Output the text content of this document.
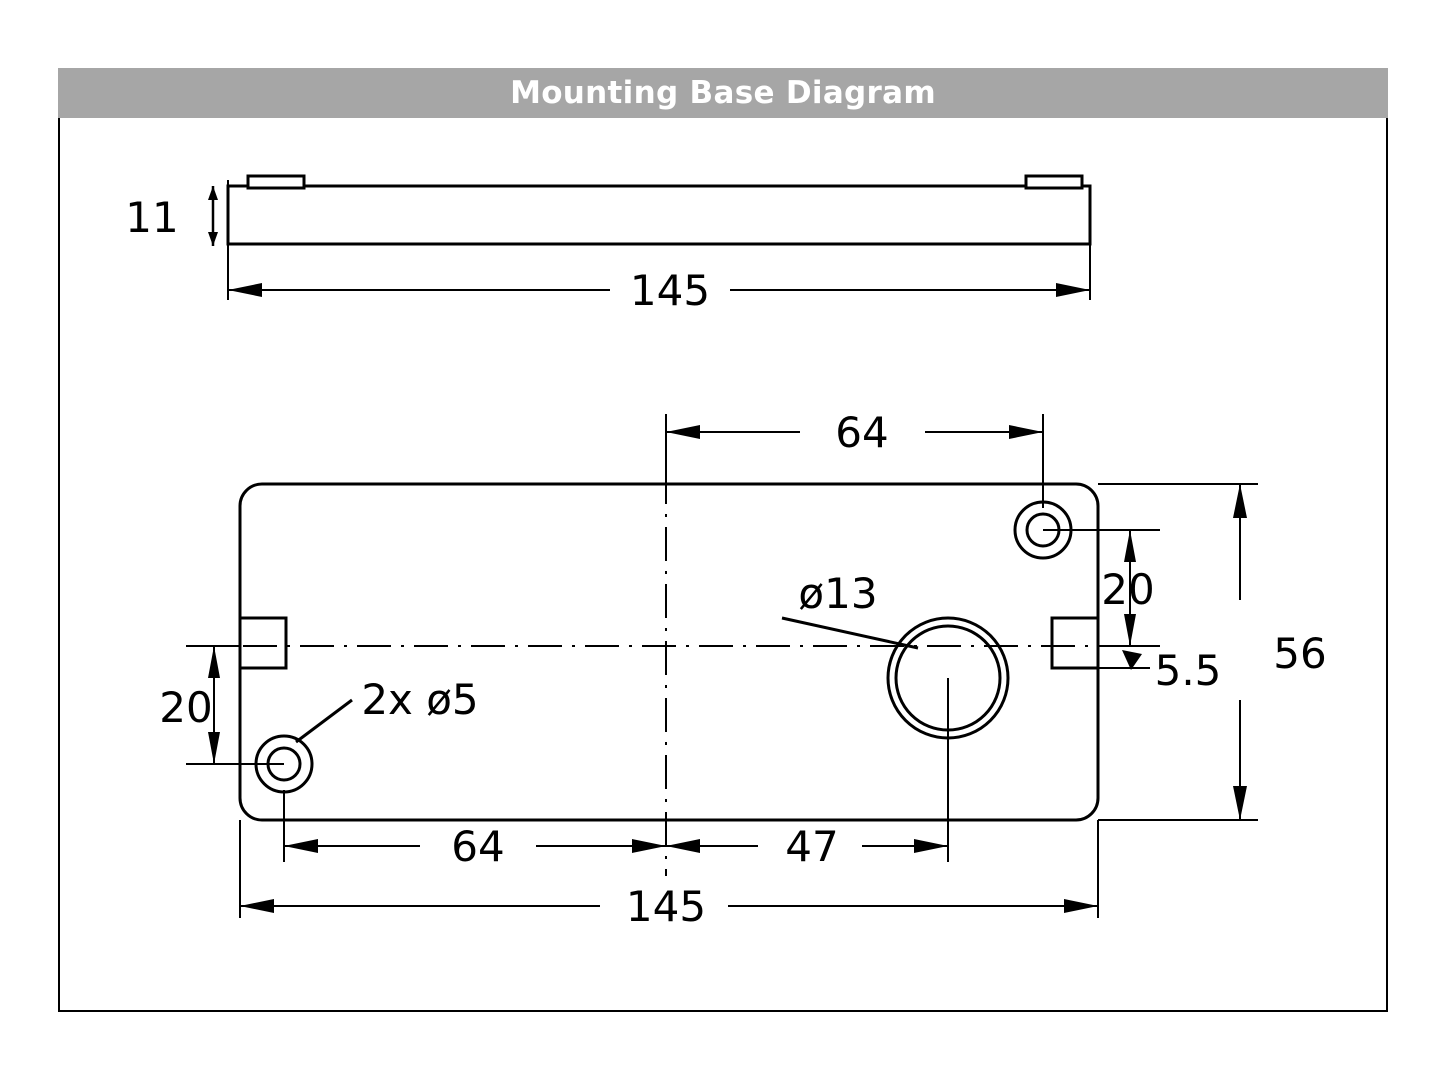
Mounting Base Diagram
11
145
64
20
5.5 56
20
ø13
2x ø5
64	47
145
